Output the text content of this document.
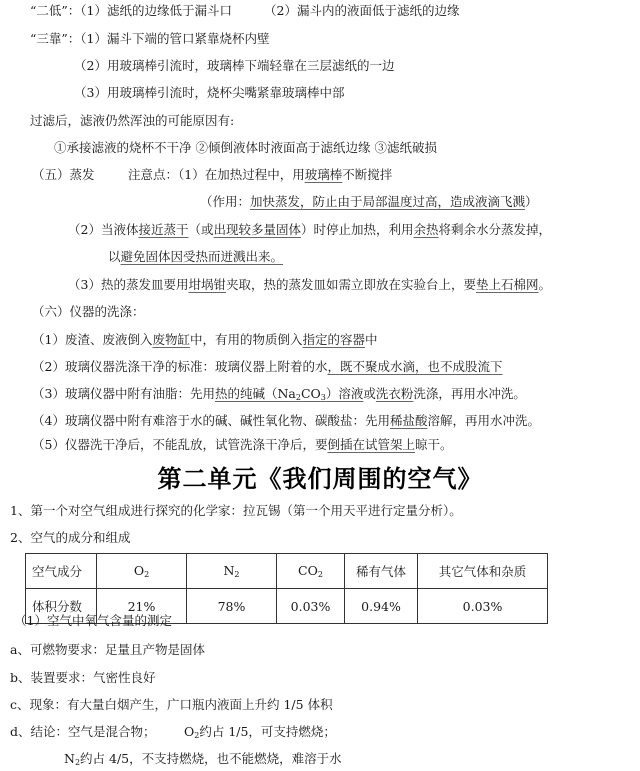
“二低”：（1）滤纸的边缘低于漏斗口	（2）漏斗内的液面低于滤纸的边缘
“三靠”：（1）漏斗下端的管口紧靠烧杯内壁
（2）用玻璃棒引流时，玻璃棒下端轻靠在三层滤纸的一边
（3）用玻璃棒引流时，烧杯尖嘴紧靠玻璃棒中部
过滤后，滤液仍然浑浊的可能原因有:
①承接滤液的烧杯不干净 ②倾倒液体时液面高于滤纸边缘 ③滤纸破损
（五）蒸发	注意点：（1）在加热过程中，用玻璃棒不断搅拌
（作用：加快蒸发，防止由于局部温度过高，造成液滴飞溅）
（2）当液体接近蒸干（或出现较多量固体）时停止加热，利用余热将剩余水分蒸发掉，
以避免固体因受热而迸溅出来。
（3）热的蒸发皿要用坩埚钳夹取，热的蒸发皿如需立即放在实验台上，要垫上石棉网。
（六）仪器的洗涤：
（1）废渣、废液倒入废物缸中，有用的物质倒入指定的容器中
（2）玻璃仪器洗涤干净的标准：玻璃仪器上附着的水，既不聚成水滴，也不成股流下
（3）玻璃仪器中附有油脂：先用热的纯碱$(Na_2CO_3)$溶液或洗衣粉洗涤，再用水冲洗。
（4）玻璃仪器中附有难溶于水的碱、碱性氧化物、碳酸盐：先用稀盐酸溶解，再用水冲洗。
（5）仪器洗干净后，不能乱放，试管洗涤干净后，要倒插在试管架上晾干。
第二单元《我们周围的空气》
1、第一个对空气组成进行探究的化学家：拉瓦锡（第一个用天平进行定量分析）。
2、空气的成分和组成
空气成分	$O_2$	$N_2$	$CO_2$	稀有气体	其它气体和杂质
体积分数	21%	78%	0.03%	0.94%	0.03%
（1）空气中氧气含量的测定
a、可燃物要求：足量且产物是固体
b、装置要求：气密性良好
c、现象：有大量白烟产生，广口瓶内液面上升约 1/5 体积
d、结论：空气是混合物； $O_2$约占 1/5，可支持燃烧；
$N_2$约占 4/5，不支持燃烧，也不能燃烧，难溶于水
